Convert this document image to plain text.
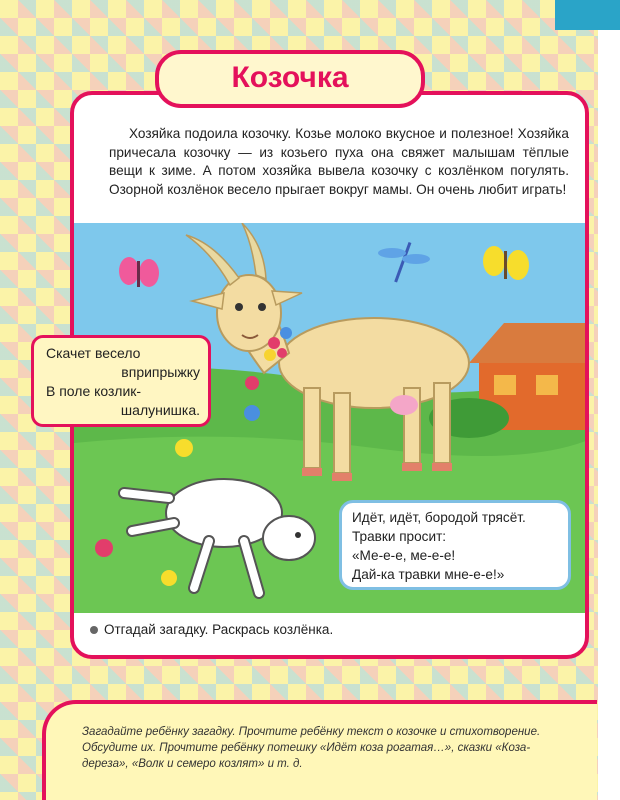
Козочка
Хозяйка подоила козочку. Козье молоко вкусное и полезное! Хозяйка причесала козочку — из козьего пуха она свяжет малышам тёплые вещи к зиме. А потом хозяйка вывела козочку с козлёнком погулять. Озорной козлёнок весело прыгает вокруг мамы. Он очень любит играть!
Отгадай загадку. Раскрась козлёнка.
Скачет весело
вприпрыжку
В поле козлик-
шалунишка.
Идёт, идёт, бородой трясёт.
Травки просит:
«Ме-е-е, ме-е-е!
Дай-ка травки мне-е-е!»
Загадайте ребёнку загадку. Прочтите ребёнку текст о козочке и стихотворение. Обсудите их. Прочтите ребёнку потешку «Идёт коза рогатая…», сказки «Коза-дереза», «Волк и семеро козлят» и т. д.
